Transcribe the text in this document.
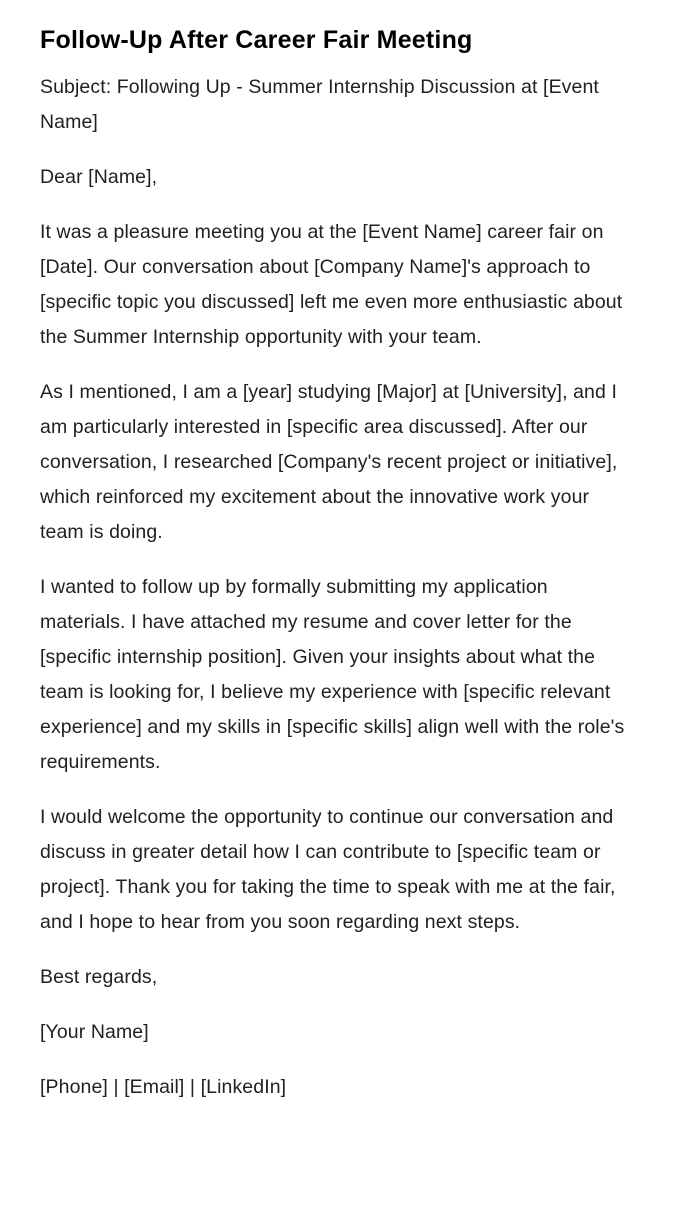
Follow-Up After Career Fair Meeting

Subject: Following Up - Summer Internship Discussion at [Event Name]

Dear [Name],

It was a pleasure meeting you at the [Event Name] career fair on [Date]. Our conversation about [Company Name]'s approach to [specific topic you discussed] left me even more enthusiastic about the Summer Internship opportunity with your team.

As I mentioned, I am a [year] studying [Major] at [University], and I am particularly interested in [specific area discussed]. After our conversation, I researched [Company's recent project or initiative], which reinforced my excitement about the innovative work your team is doing.

I wanted to follow up by formally submitting my application materials. I have attached my resume and cover letter for the [specific internship position]. Given your insights about what the team is looking for, I believe my experience with [specific relevant experience] and my skills in [specific skills] align well with the role's requirements.

I would welcome the opportunity to continue our conversation and discuss in greater detail how I can contribute to [specific team or project]. Thank you for taking the time to speak with me at the fair, and I hope to hear from you soon regarding next steps.

Best regards,

[Your Name]

[Phone] | [Email] | [LinkedIn]
